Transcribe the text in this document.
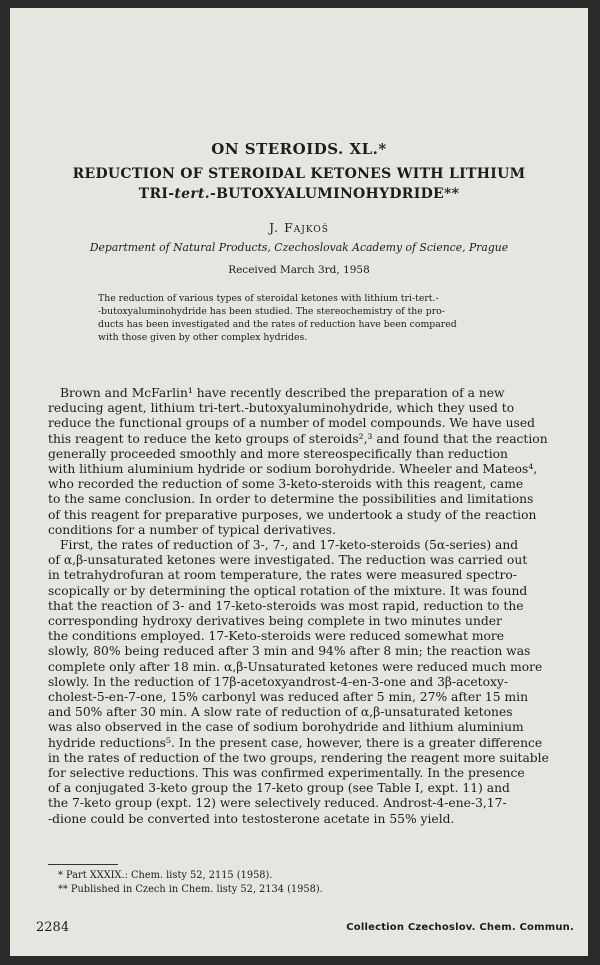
ON STEROIDS. XL.*
REDUCTION OF STEROIDAL KETONES WITH LITHIUM
TRI-tert.-BUTOXYALUMINOHYDRIDE**
J. Fajkoš
Department of Natural Products, Czechoslovak Academy of Science, Prague
Received March 3rd, 1958
The reduction of various types of steroidal ketones with lithium tri-tert.-
-butoxyaluminohydride has been studied. The stereochemistry of the pro-
ducts has been investigated and the rates of reduction have been compared
with those given by other complex hydrides.
Brown and McFarlin¹ have recently described the preparation of a new
reducing agent, lithium tri-tert.-butoxyaluminohydride, which they used to
reduce the functional groups of a number of model compounds. We have used
this reagent to reduce the keto groups of steroids²,³ and found that the reaction
generally proceeded smoothly and more stereospecifically than reduction
with lithium aluminium hydride or sodium borohydride. Wheeler and Mateos⁴,
who recorded the reduction of some 3-keto-steroids with this reagent, came
to the same conclusion. In order to determine the possibilities and limitations
of this reagent for preparative purposes, we undertook a study of the reaction
conditions for a number of typical derivatives.
First, the rates of reduction of 3-, 7-, and 17-keto-steroids (5α-series) and
of α,β-unsaturated ketones were investigated. The reduction was carried out
in tetrahydrofuran at room temperature, the rates were measured spectro-
scopically or by determining the optical rotation of the mixture. It was found
that the reaction of 3- and 17-keto-steroids was most rapid, reduction to the
corresponding hydroxy derivatives being complete in two minutes under
the conditions employed. 17-Keto-steroids were reduced somewhat more
slowly, 80% being reduced after 3 min and 94% after 8 min; the reaction was
complete only after 18 min. α,β-Unsaturated ketones were reduced much more
slowly. In the reduction of 17β-acetoxyandrost-4-en-3-one and 3β-acetoxy-
cholest-5-en-7-one, 15% carbonyl was reduced after 5 min, 27% after 15 min
and 50% after 30 min. A slow rate of reduction of α,β-unsaturated ketones
was also observed in the case of sodium borohydride and lithium aluminium
hydride reductions⁵. In the present case, however, there is a greater difference
in the rates of reduction of the two groups, rendering the reagent more suitable
for selective reductions. This was confirmed experimentally. In the presence
of a conjugated 3-keto group the 17-keto group (see Table I, expt. 11) and
the 7-keto group (expt. 12) were selectively reduced. Androst-4-ene-3,17-
-dione could be converted into testosterone acetate in 55% yield.
* Part XXXIX.: Chem. listy 52, 2115 (1958).
** Published in Czech in Chem. listy 52, 2134 (1958).
2284	Collection Czechoslov. Chem. Commun.
